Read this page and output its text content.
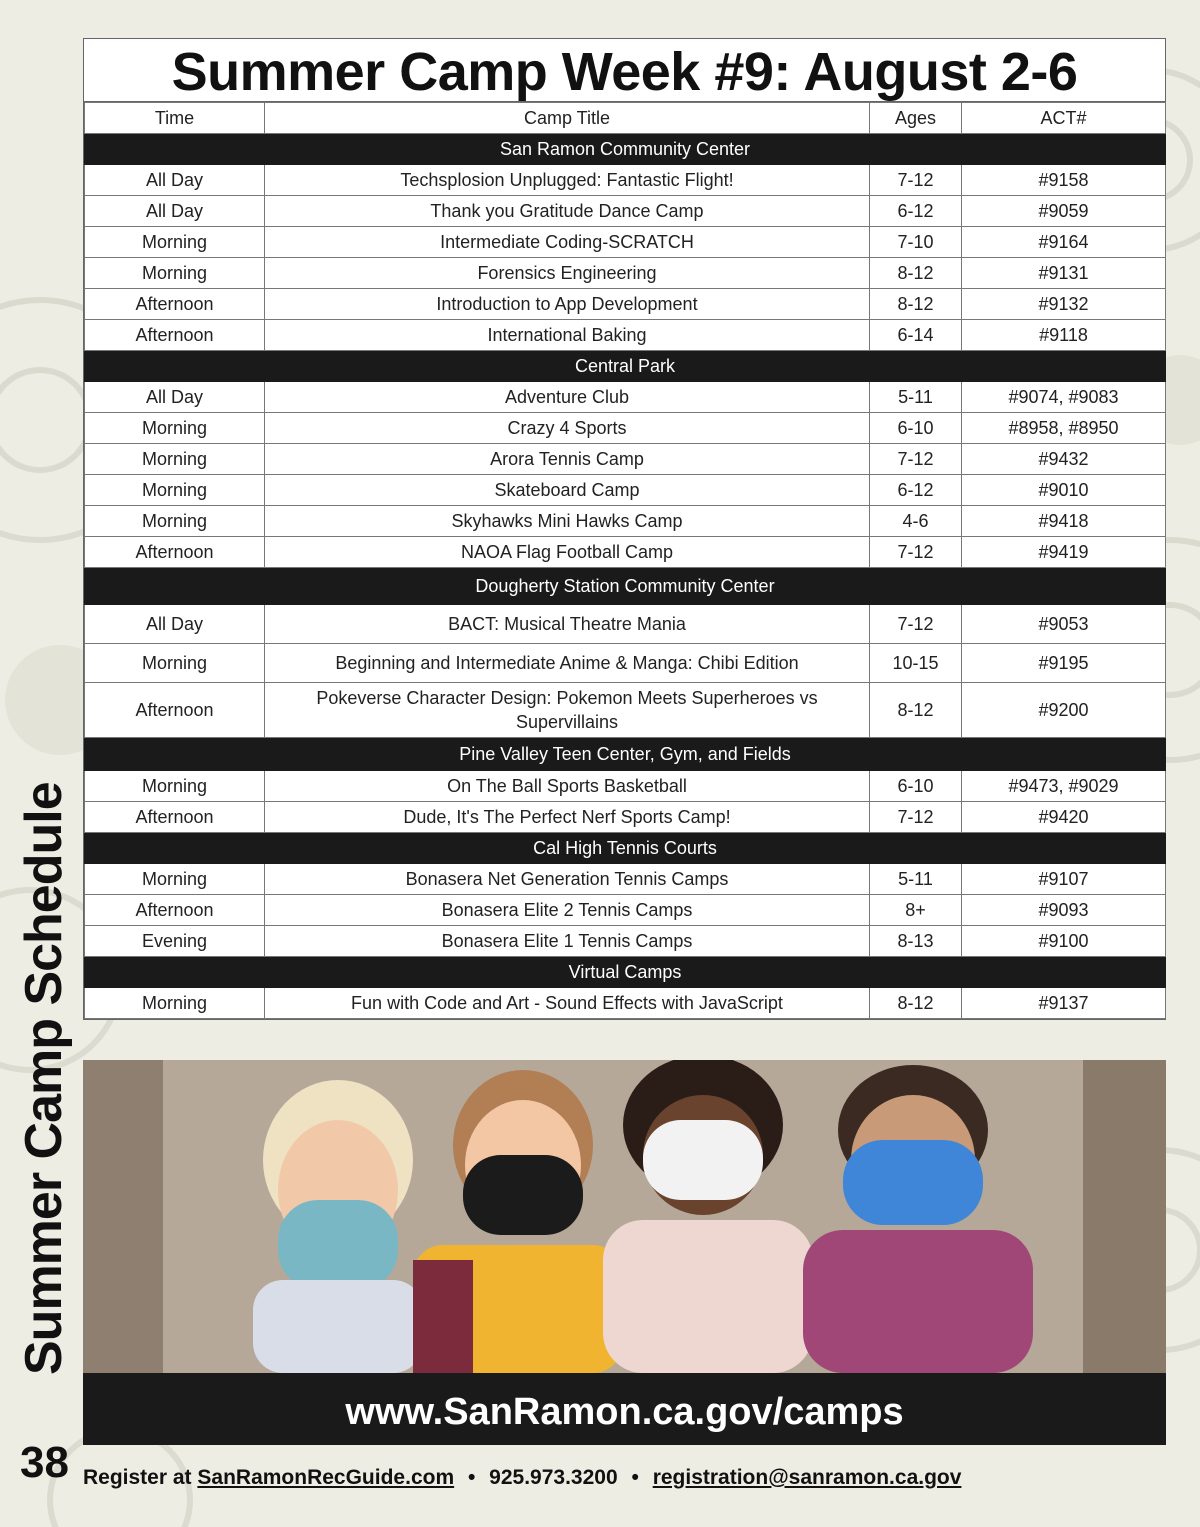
Summer Camp Schedule
38
Summer Camp Week #9: August 2-6
Time	Camp Title	Ages	ACT#
San Ramon Community Center			
All Day	Techsplosion Unplugged: Fantastic Flight!	7-12	#9158
All Day	Thank you Gratitude Dance Camp	6-12	#9059
Morning	Intermediate Coding-SCRATCH	7-10	#9164
Morning	Forensics Engineering	8-12	#9131
Afternoon	Introduction to App Development	8-12	#9132
Afternoon	International Baking	6-14	#9118
Central Park			
All Day	Adventure Club	5-11	#9074, #9083
Morning	Crazy 4 Sports	6-10	#8958, #8950
Morning	Arora Tennis Camp	7-12	#9432
Morning	Skateboard Camp	6-12	#9010
Morning	Skyhawks Mini Hawks Camp	4-6	#9418
Afternoon	NAOA Flag Football Camp	7-12	#9419
Dougherty Station Community Center			
All Day	BACT: Musical Theatre Mania	7-12	#9053
Morning	Beginning and Intermediate Anime & Manga: Chibi Edition	10-15	#9195
Afternoon	Pokeverse Character Design: Pokemon Meets Superheroes vs Supervillains	8-12	#9200
Pine Valley Teen Center, Gym, and Fields			
Morning	On The Ball Sports Basketball	6-10	#9473, #9029
Afternoon	Dude, It's The Perfect Nerf Sports Camp!	7-12	#9420
Cal High Tennis Courts			
Morning	Bonasera Net Generation Tennis Camps	5-11	#9107
Afternoon	Bonasera Elite 2 Tennis Camps	8+	#9093
Evening	Bonasera Elite 1 Tennis Camps	8-13	#9100
Virtual Camps			
Morning	Fun with Code and Art - Sound Effects with JavaScript	8-12	#9137
www.SanRamon.ca.gov/camps
Register at SanRamonRecGuide.com • 925.973.3200 • registration@sanramon.ca.gov
